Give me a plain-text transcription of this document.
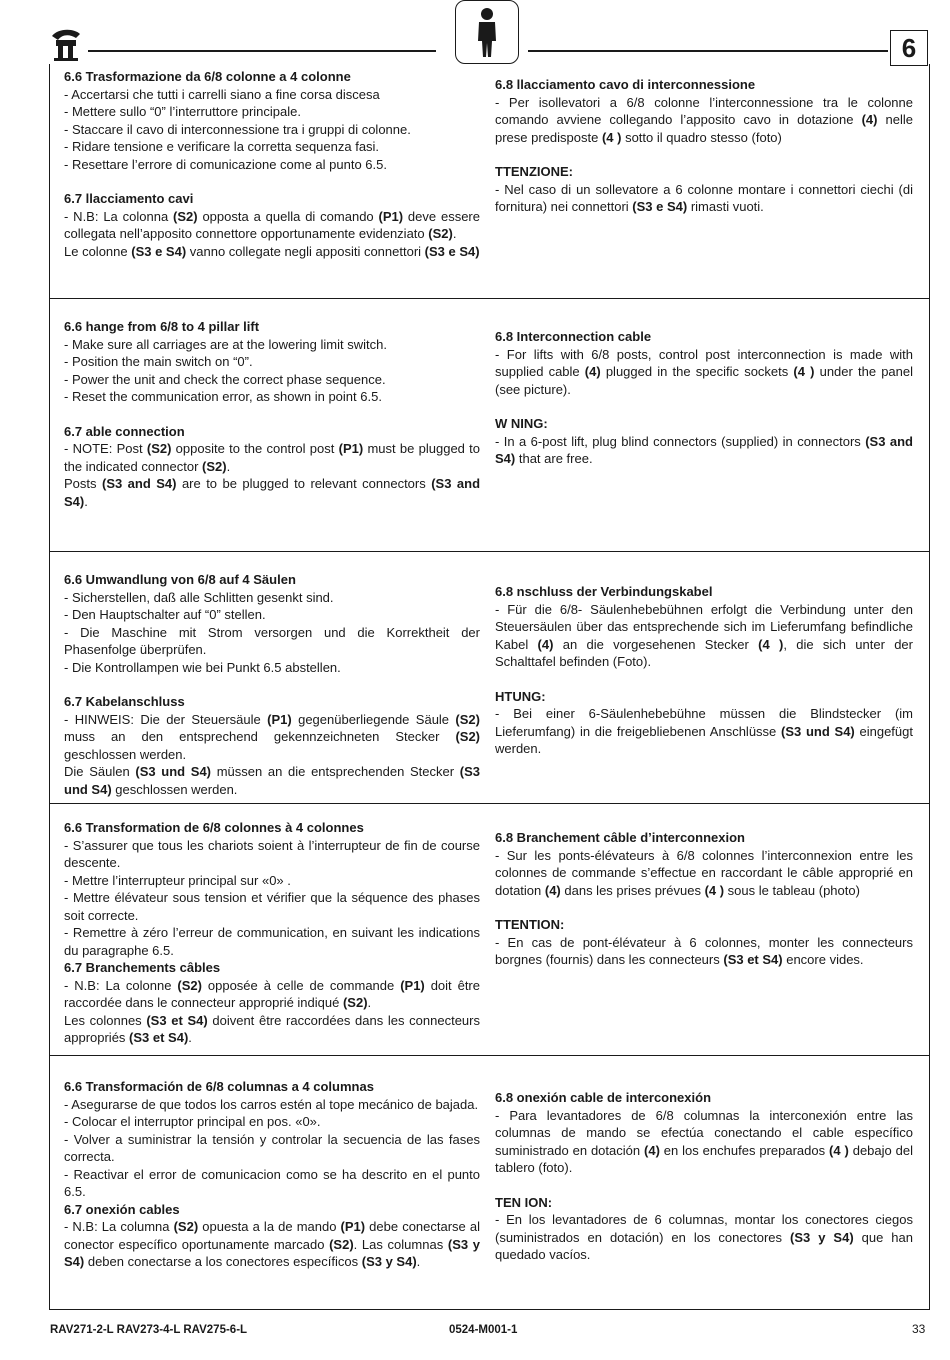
6

6.6 Trasformazione da 6/8 colonne a 4 colonne

- Accertarsi che tutti i carrelli siano a fine corsa discesa

- Mettere sullo “0” l’interruttore principale.

- Staccare il cavo di interconnessione tra i gruppi di colonne.

- Ridare tensione e verificare la corretta sequenza fasi.

- Resettare l’errore di comunicazione come al punto 6.5.

6.7 llacciamento cavi

- N.B: La colonna (S2) opposta a quella di comando (P1) deve essere collegata nell’apposito connettore opportunamente evidenziato (S2).

Le colonne (S3 e S4) vanno collegate negli appositi connettori (S3 e S4)

6.8 llacciamento cavo di interconnessione

- Per isollevatori a 6/8 colonne l’interconnessione tra le colonne comando avviene collegando l’apposito cavo in dotazione (4) nelle prese predisposte (4 ) sotto il quadro stesso (foto)

TTENZIONE:

- Nel caso di un sollevatore a 6 colonne montare i connettori ciechi (di fornitura) nei connettori (S3 e S4) rimasti vuoti.

6.6 hange from 6/8 to 4 pillar lift

- Make sure all carriages are at the lowering limit switch.

- Position the main switch on “0”.

- Power the unit and check the correct phase sequence.

- Reset the communication error, as shown in point 6.5.

6.7 able connection

- NOTE: Post (S2) opposite to the control post (P1) must be plugged to the indicated connector (S2).

Posts (S3 and S4) are to be plugged to relevant connectors (S3 and S4).

6.8 Interconnection cable

- For lifts with 6/8 posts, control post interconnection is made with supplied cable (4) plugged in the specific sockets (4 ) under the panel (see picture).

W NING:

- In a 6-post lift, plug blind connectors (supplied) in connectors (S3 and S4) that are free.

6.6 Umwandlung von 6/8 auf 4 Säulen

- Sicherstellen, daß alle Schlitten gesenkt sind.

- Den Hauptschalter auf “0” stellen.

- Die Maschine mit Strom versorgen und die Korrektheit der Phasenfolge überprüfen.

- Die Kontrollampen wie bei Punkt 6.5 abstellen.

6.7 Kabelanschluss

- HINWEIS: Die der Steuersäule (P1) gegenüberliegende Säule (S2) muss an den entsprechend gekennzeichneten Stecker (S2) geschlossen werden.

Die Säulen (S3 und S4) müssen an die entsprechenden Stecker (S3 und S4) geschlossen werden.

6.8 nschluss der Verbindungskabel

- Für die 6/8- Säulenhebebühnen erfolgt die Verbindung unter den Steuersäulen über das entsprechende sich im Lieferumfang befindliche Kabel (4) an die vorgesehenen Stecker (4 ), die sich unter der Schalttafel befinden (Foto).

HTUNG:

- Bei einer 6-Säulenhebebühne müssen die Blindstecker (im Lieferumfang) in die freigebliebenen Anschlüsse (S3 und S4) eingefügt werden.

6.6 Transformation de 6/8 colonnes à 4 colonnes

- S’assurer que tous les chariots soient à l’interrupteur de fin de course descente.

- Mettre l’interrupteur principal sur «0» .

- Mettre élévateur sous tension et vérifier que la séquence des phases soit correcte.

- Remettre à zéro l’erreur de communication, en suivant les indications du paragraphe 6.5.

6.7 Branchements câbles

- N.B: La colonne (S2) opposée à celle de commande (P1) doit être raccordée dans le connecteur approprié indiqué (S2).

Les colonnes (S3 et S4) doivent être raccordées dans les connecteurs appropriés (S3 et S4).

6.8 Branchement câble d’interconnexion

- Sur les ponts-élévateurs à 6/8 colonnes l’interconnexion entre les colonnes de commande s’effectue en raccordant le câble approprié en dotation (4) dans les prises prévues (4 ) sous le tableau (photo)

TTENTION:

- En cas de pont-élévateur à 6 colonnes, monter les connecteurs borgnes (fournis) dans les connecteurs (S3 et S4) encore vides.

6.6 Transformación de 6/8 columnas a 4 columnas

- Asegurarse de que todos los carros estén al tope mecánico de bajada.

- Colocar el interruptor principal en pos. «0».

- Volver a suministrar la tensión y controlar la secuencia de las fases correcta.

- Reactivar el error de comunicacion como se ha descrito en el punto 6.5.

6.7 onexión cables

- N.B: La columna (S2) opuesta a la de mando (P1) debe conectarse al conector específico oportunamente marcado (S2). Las columnas (S3 y S4) deben conectarse a los conectores específicos (S3 y S4).

6.8 onexión cable de interconexión

- Para levantadores de 6/8 columnas la interconexión entre las columnas de mando se efectúa conectando el cable específico suministrado en dotación (4) en los enchufes preparados (4 ) debajo del tablero (foto).

TEN ION:

- En los levantadores de 6 columnas, montar los conectores ciegos (suministrados en dotación) en los conectores (S3 y S4) que han quedado vacíos.

RAV271-2-L RAV273-4-L RAV275-6-L	0524-M001-1	33
